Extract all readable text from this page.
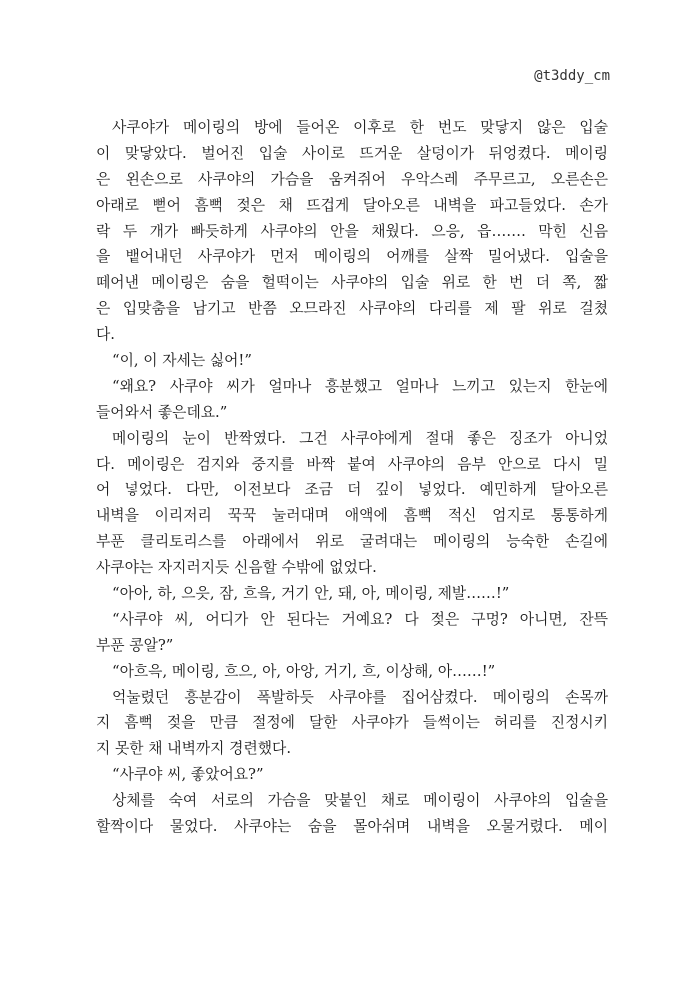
@t3ddy_cm
사쿠야가 메이링의 방에 들어온 이후로 한 번도 맞닿지 않은 입술
이 맞닿았다. 벌어진 입술 사이로 뜨거운 살덩이가 뒤엉켰다. 메이링
은 왼손으로 사쿠야의 가슴을 움켜쥐어 우악스레 주무르고, 오른손은
아래로 뻗어 흠뻑 젖은 채 뜨겁게 달아오른 내벽을 파고들었다. 손가
락 두 개가 빠듯하게 사쿠야의 안을 채웠다. 으응, 읍……. 막힌 신음
을 뱉어내던 사쿠야가 먼저 메이링의 어깨를 살짝 밀어냈다. 입술을
떼어낸 메이링은 숨을 헐떡이는 사쿠야의 입술 위로 한 번 더 쪽, 짧
은 입맞춤을 남기고 반쯤 오므라진 사쿠야의 다리를 제 팔 위로 걸쳤
다.
“이, 이 자세는 싫어!”
“왜요? 사쿠야 씨가 얼마나 흥분했고 얼마나 느끼고 있는지 한눈에
들어와서 좋은데요.”
메이링의 눈이 반짝였다. 그건 사쿠야에게 절대 좋은 징조가 아니었
다. 메이링은 검지와 중지를 바짝 붙여 사쿠야의 음부 안으로 다시 밀
어 넣었다. 다만, 이전보다 조금 더 깊이 넣었다. 예민하게 달아오른
내벽을 이리저리 꾹꾹 눌러대며 애액에 흠뻑 적신 엄지로 통통하게
부푼 클리토리스를 아래에서 위로 굴려대는 메이링의 능숙한 손길에
사쿠야는 자지러지듯 신음할 수밖에 없었다.
“아아, 하, 으읏, 잠, 흐읔, 거기 안, 돼, 아, 메이링, 제발……!”
“사쿠야 씨, 어디가 안 된다는 거예요? 다 젖은 구멍? 아니면, 잔뜩
부푼 콩알?”
“아흐윽, 메이링, 흐으, 아, 아앙, 거기, 흐, 이상해, 아……!”
억눌렸던 흥분감이 폭발하듯 사쿠야를 집어삼켰다. 메이링의 손목까
지 흠뻑 젖을 만큼 절정에 달한 사쿠야가 들썩이는 허리를 진정시키
지 못한 채 내벽까지 경련했다.
“사쿠야 씨, 좋았어요?”
상체를 숙여 서로의 가슴을 맞붙인 채로 메이링이 사쿠야의 입술을
할짝이다 물었다. 사쿠야는 숨을 몰아쉬며 내벽을 오물거렸다. 메이
